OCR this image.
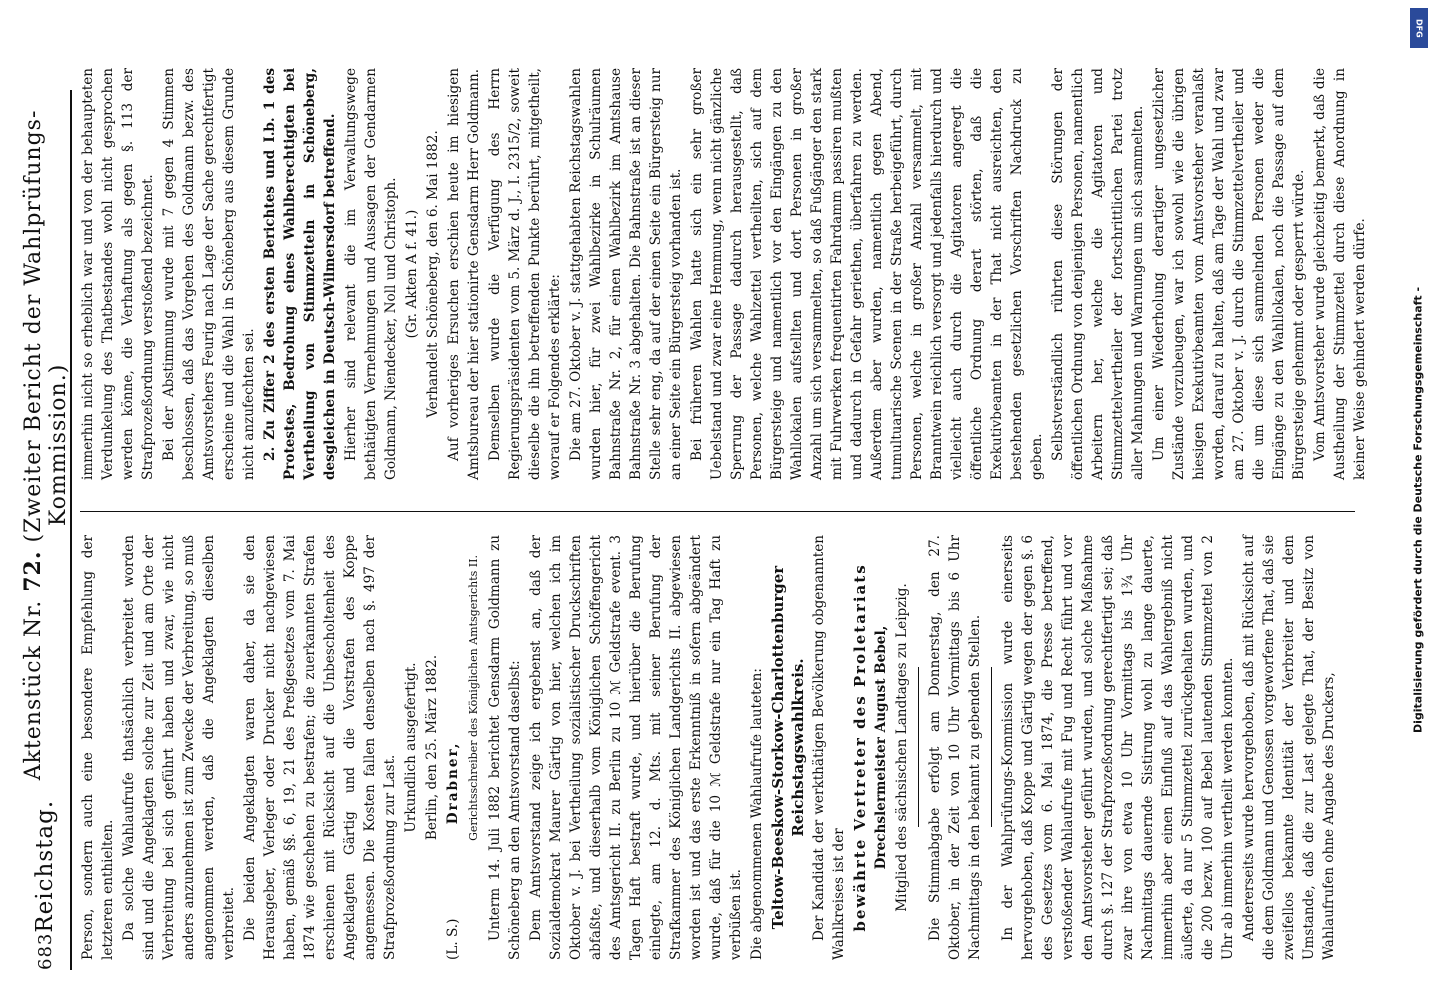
683
Reichstag.
Aktenstück Nr. 72. (Zweiter Bericht der Wahlprüfungs-Kommission.)

Person, sondern auch eine besondere Empfehlung der letzteren enthielten. Da solche Wahlaufrufe thatsächlich verbreitet worden sind und die Angeklagten solche zur Zeit und am Orte der Verbreitung bei sich geführt haben und zwar, wie nicht anders anzunehmen ist zum Zwecke der Verbreitung, so muß angenommen werden, daß die Angeklagten dieselben verbreitet. Die beiden Angeklagten waren daher, da sie den Herausgeber, Verleger oder Drucker nicht nachgewiesen haben, gemäß §§. 6, 19, 21 des Preßgesetzes vom 7. Mai 1874 wie geschehen zu bestrafen; die zuerkannten Strafen erschienen mit Rücksicht auf die Unbescholtenheit des Angeklagten Gärtig und die Vorstrafen des Koppe angemessen. Die Kosten fallen denselben nach §. 497 der Strafprozeßordnung zur Last.

Urkundlich ausgefertigt. Berlin, den 25. März 1882.

(L. S.) Drabner, Gerichtsschreiber des Königlichen Amtsgerichts II. Unterm 14. Juli 1882 berichtet Gensdarm Goldmann zu Schöneberg an den Amtsvorstand daselbst: Dem Amtsvorstand zeige ich ergebenst an, daß der Sozialdemokrat Maurer Gärtig von hier, welchen ich im Oktober v. J. bei Vertheilung sozialistischer Druckschriften abfaßte, und dieserhalb vom Königlichen Schöffengericht des Amtsgericht II. zu Berlin zu 10 ℳ Geldstrafe event. 3 Tagen Haft bestraft wurde, und hierüber die Berufung einlegte, am 12. d. Mts. mit seiner Berufung der Strafkammer des Königlichen Landgerichts II. abgewiesen worden ist und das erste Erkenntniß in sofern abgeändert wurde, daß für die 10 ℳ Geldstrafe nur ein Tag Haft zu verbüßen ist. Die abgenommenen Wahlaufrufe lauteten: Teltow-Beeskow-Storkow-Charlottenburger Reichstagswahlkreis. Der Kandidat der werkthätigen Bevölkerung obgenannten Wahlkreises ist der bewährte Vertreter des Proletariats Drechslermeister August Bebel, Mitglied des sächsischen Landtages zu Leipzig. Die Stimmabgabe erfolgt am Donnerstag, den 27. Oktober, in der Zeit von 10 Uhr Vormittags bis 6 Uhr Nachmittags in den bekannt zu gebenden Stellen. In der Wahlprüfungs-Kommission wurde einerseits hervorgehoben, daß Koppe und Gärtig wegen der gegen §. 6 des Gesetzes vom 6. Mai 1874, die Presse betreffend, verstoßender Wahlaufrufe mit Fug und Recht führt und vor den Amtsvorsteher geführt wurden, und solche Maßnahme durch §. 127 der Strafprozeßordnung gerechtfertigt sei; daß zwar ihre von etwa 10 Uhr Vormittags bis 1¾ Uhr Nachmittags dauernde Sistirung wohl zu lange dauerte, immerhin aber einen Einfluß auf das Wahlergebniß nicht äußerte, da nur 5 Stimmzettel zurückgehalten wurden, und die 200 bezw. 100 auf Bebel lautenden Stimmzettel von 2 Uhr ab immerhin vertheilt werden konnten. Andererseits wurde hervorgehoben, daß mit Rücksicht auf die dem Goldmann und Genossen vorgeworfene That, daß sie zweifellos bekannte Identität der Verbreiter und dem Umstande, daß die zur Last gelegte That, der Besitz von Wahlaufrufen ohne Angabe des Druckers,

immerhin nicht so erheblich war und von der behaupteten Verdunkelung des Thatbestandes wohl nicht gesprochen werden könne, die Verhaftung als gegen §. 113 der Strafprozeßordnung verstoßend bezeichnet. Bei der Abstimmung wurde mit 7 gegen 4 Stimmen beschlossen, daß das Vorgehen des Goldmann bezw. des Amtsvorstehers Feurig nach Lage der Sache gerechtfertigt erscheine und die Wahl in Schöneberg aus diesem Grunde nicht anzufechten sei. 2. Zu Ziffer 2 des ersten Berichtes und I.b. 1 des Protestes, Bedrohung eines Wahlberechtigten bei Vertheilung von Stimmzetteln in Schöneberg, desgleichen in Deutsch-Wilmersdorf betreffend. Hierher sind relevant die im Verwaltungswege bethätigten Vernehmungen und Aussagen der Gendarmen Goldmann, Niendecker, Noll und Christoph. (Gr. Akten A f. 41.) Verhandelt Schöneberg, den 6. Mai 1882. Auf vorheriges Ersuchen erschien heute im hiesigen Amtsbureau der hier stationirte Gensdarm Herr Goldmann. Demselben wurde die Verfügung des Herrn Regierungspräsidenten vom 5. März d. J., I. 2315/2, soweit dieselbe die ihn betreffenden Punkte berührt, mitgetheilt, worauf er Folgendes erklärte: Die am 27. Oktober v. J. stattgehabten Reichstagswahlen wurden hier, für zwei Wahlbezirke in Schulräumen Bahnstraße Nr. 2, für einen Wahlbezirk im Amtshause Bahnstraße Nr. 3 abgehalten. Die Bahnstraße ist an dieser Stelle sehr eng, da auf der einen Seite ein Bürgersteig nur an einer Seite ein Bürgersteig vorhanden ist. Bei früheren Wahlen hatte sich ein sehr großer Uebelstand und zwar eine Hemmung, wenn nicht gänzliche Sperrung der Passage dadurch herausgestellt, daß Personen, welche Wahlzettel vertheilten, sich auf dem Bürgersteige und namentlich vor den Eingängen zu den Wahllokalen aufstellten und dort Personen in großer Anzahl um sich versammelten, so daß Fußgänger den stark mit Fuhrwerken frequentirten Fahrdamm passiren mußten und dadurch in Gefahr geriethen, überfahren zu werden. Außerdem aber wurden, namentlich gegen Abend, tumultuarische Scenen in der Straße herbeigeführt, durch Personen, welche in großer Anzahl versammelt, mit Branntwein reichlich versorgt und jedenfalls hierdurch und vielleicht auch durch die Agitatoren angeregt die öffentliche Ordnung derart störten, daß die Exekutivbeamten in der That nicht ausreichten, den bestehenden gesetzlichen Vorschriften Nachdruck zu geben. Selbstverständlich rührten diese Störungen der öffentlichen Ordnung von denjenigen Personen, namentlich Arbeitern her, welche die Agitatoren und Stimmzettelvertheiler der fortschrittlichen Partei trotz aller Mahnungen und Warnungen um sich sammelten. Um einer Wiederholung derartiger ungesetzlicher Zustände vorzubeugen, war ich sowohl wie die übrigen hiesigen Exekutivbeamten vom Amtsvorsteher veranlaßt worden, darauf zu halten, daß am Tage der Wahl und zwar am 27. Oktober v. J. durch die Stimmzettelvertheiler und die um diese sich sammelnden Personen weder die Eingänge zu den Wahllokalen, noch die Passage auf dem Bürgersteige gehemmt oder gesperrt würde. Vom Amtsvorsteher wurde gleichzeitig bemerkt, daß die Austheilung der Stimmzettel durch diese Anordnung in keiner Weise gehindert werden dürfe.

DFG
Digitalisierung gefördert durch die Deutsche Forschungsgemeinschaft -
